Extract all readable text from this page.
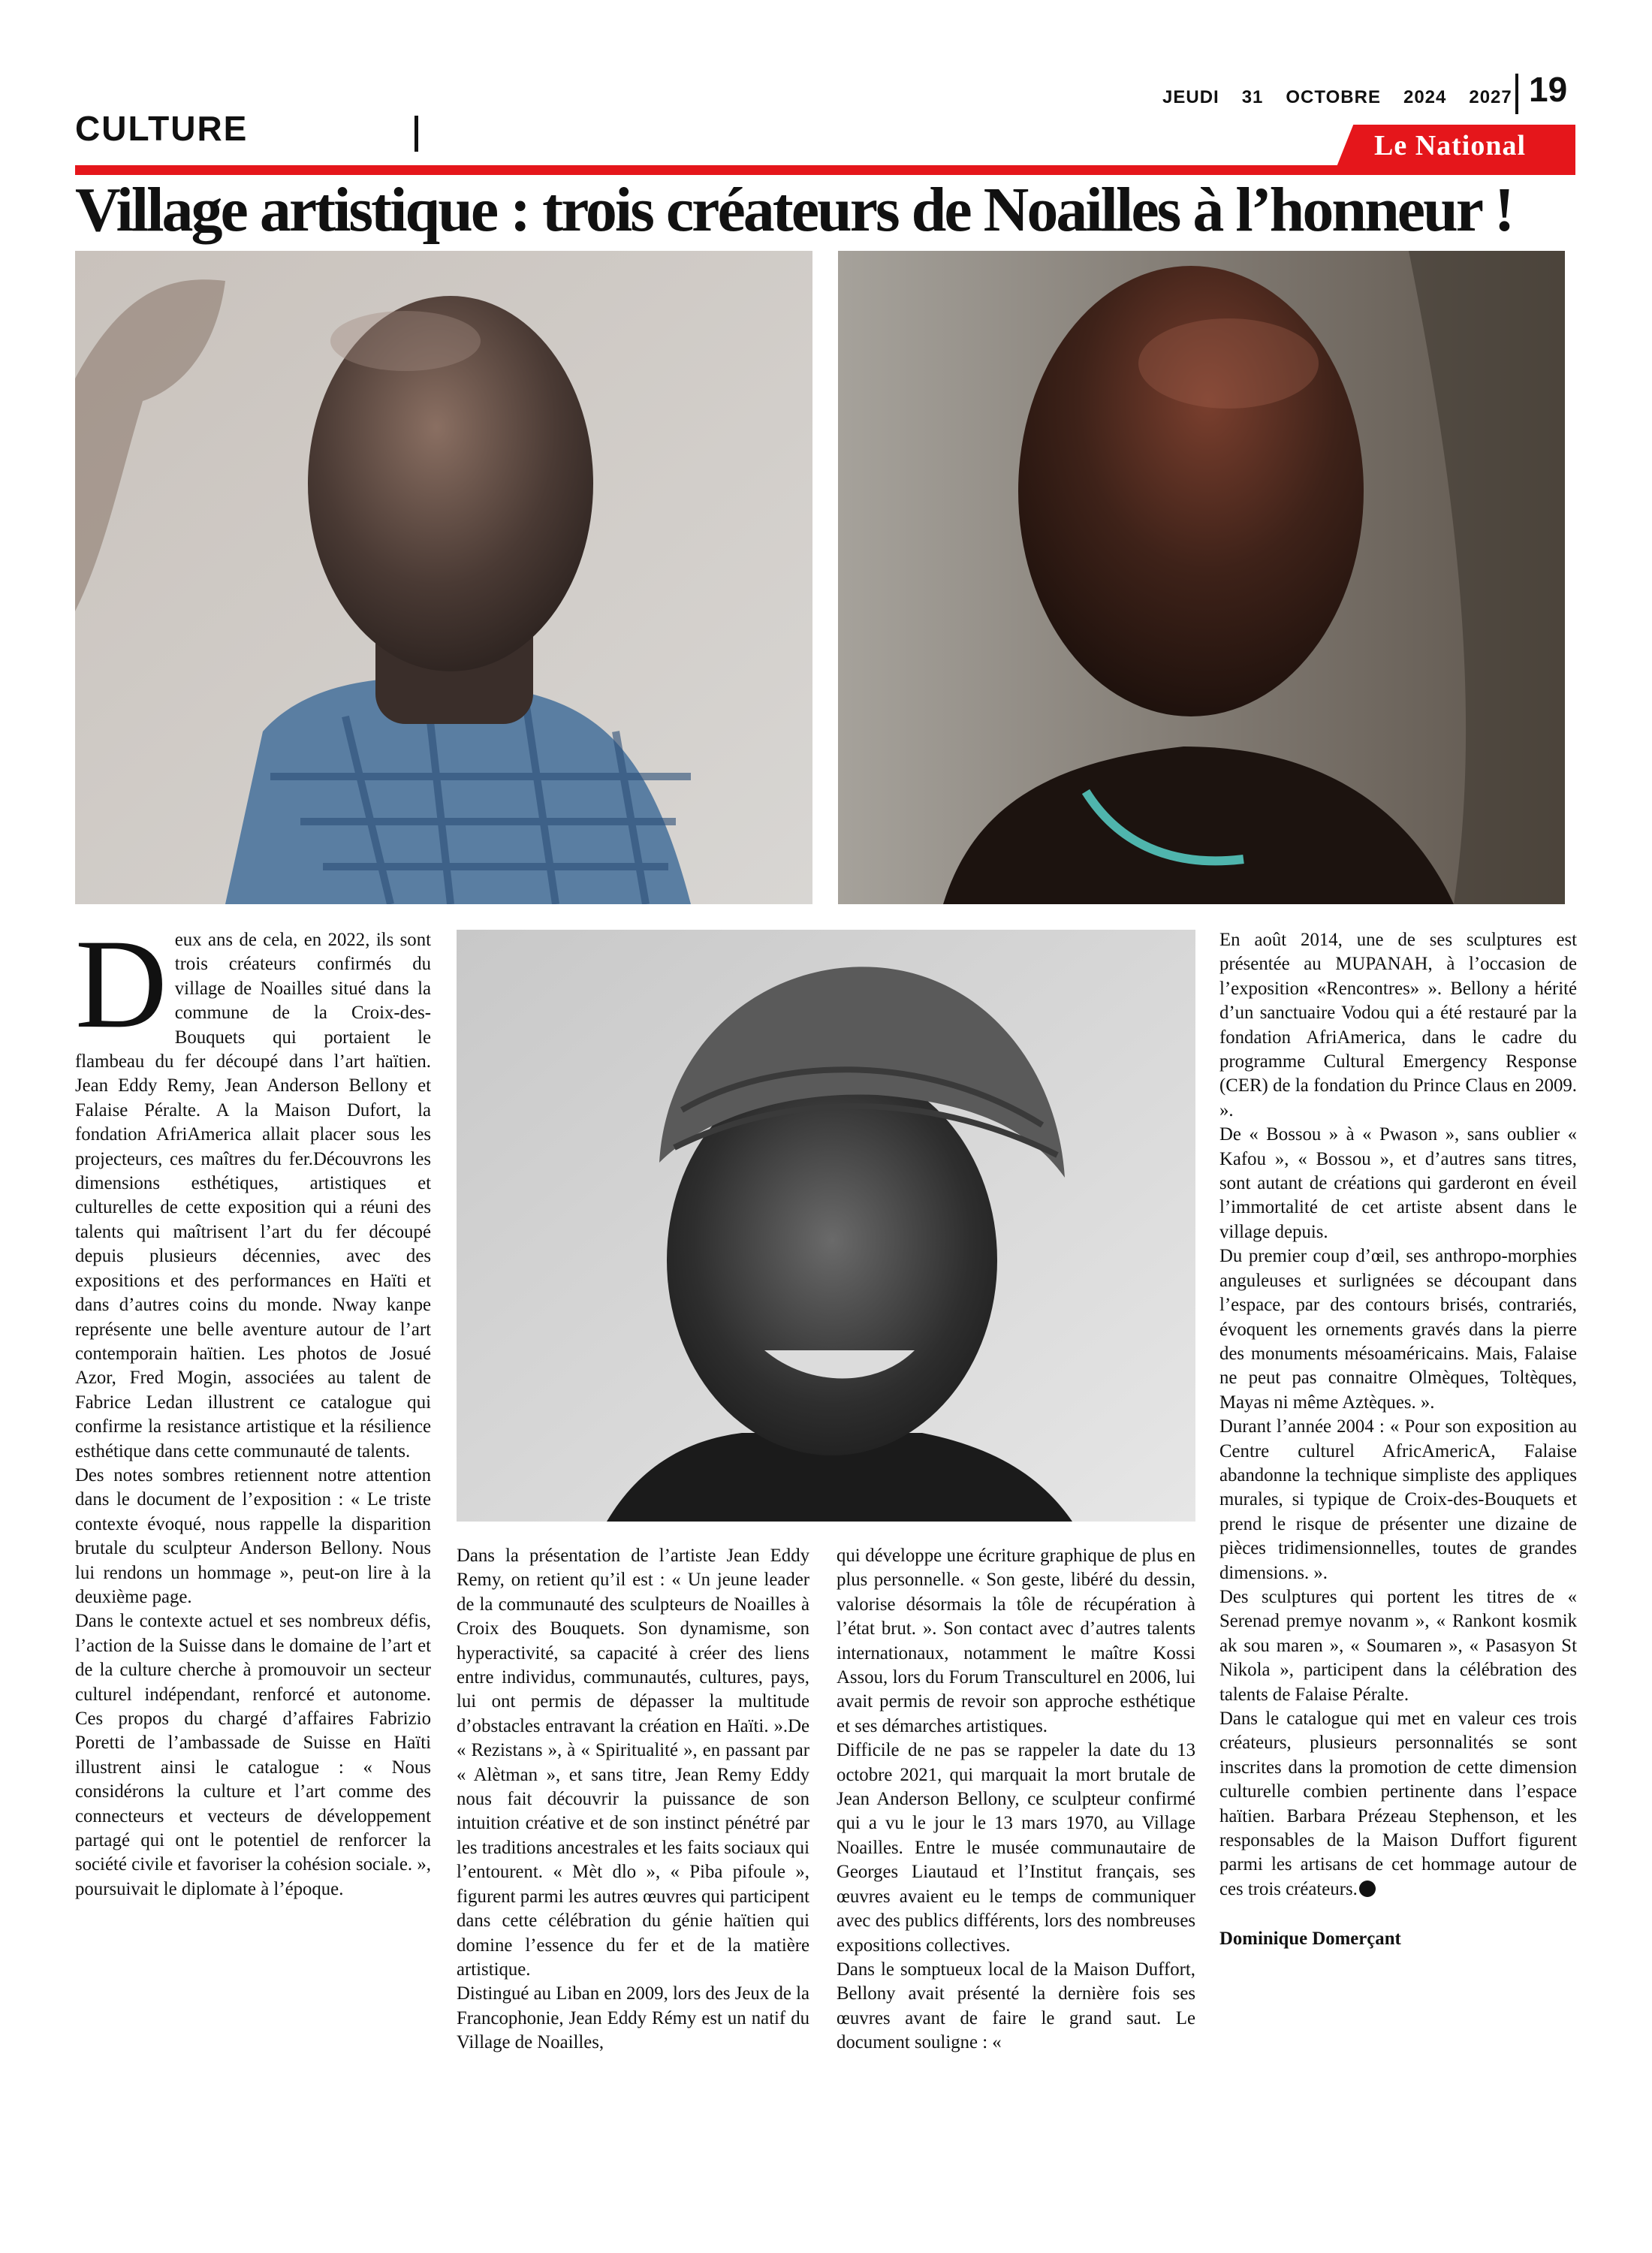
CULTURE
JEUDI 31 OCTOBRE 2024 2027 19
Le National
Village artistique : trois créateurs de Noailles à l’honneur !
D eux ans de cela, en 2022, ils sont trois créateurs confirmés du village de Noailles situé dans la commune de la Croix-des-Bouquets qui portaient le flambeau du fer découpé dans l’art haïtien. Jean Eddy Remy, Jean Anderson Bellony et Falaise Péralte. A la Maison Dufort, la fondation AfriAmerica allait placer sous les projecteurs, ces maîtres du fer.Découvrons les dimensions esthétiques, artistiques et culturelles de cette exposition qui a réuni des talents qui maîtrisent l’art du fer découpé depuis plusieurs décennies, avec des expositions et des performances en Haïti et dans d’autres coins du monde. Nway kanpe représente une belle aventure autour de l’art contemporain haïtien. Les photos de Josué Azor, Fred Mogin, associées au talent de Fabrice Ledan illustrent ce catalogue qui confirme la resistance artistique et la résilience esthétique dans cette communauté de talents.

Des notes sombres retiennent notre attention dans le document de l’exposition : « Le triste contexte évoqué, nous rappelle la disparition brutale du sculpteur Anderson Bellony. Nous lui rendons un hommage », peut-on lire à la deuxième page.

Dans le contexte actuel et ses nombreux défis, l’action de la Suisse dans le domaine de l’art et de la culture cherche à promouvoir un secteur culturel indépendant, renforcé et autonome. Ces propos du chargé d’affaires Fabrizio Poretti de l’ambassade de Suisse en Haïti illustrent ainsi le catalogue : « Nous considérons la culture et l’art comme des connecteurs et vecteurs de développement partagé qui ont le potentiel de renforcer la société civile et favoriser la cohésion sociale. », poursuivait le diplomate à l’époque.

Dans la présentation de l’artiste Jean Eddy Remy, on retient qu’il est : « Un jeune leader de la communauté des sculpteurs de Noailles à Croix des Bouquets. Son dynamisme, son hyperactivité, sa capacité à créer des liens entre individus, communautés, cultures, pays, lui ont permis de dépasser la multitude d’obstacles entravant la création en Haïti. ».De « Rezistans », à « Spiritualité », en passant par « Alètman », et sans titre, Jean Remy Eddy nous fait découvrir la puissance de son intuition créative et de son instinct pénétré par les traditions ancestrales et les faits sociaux qui l’entourent. « Mèt dlo », « Piba pifoule », figurent parmi les autres œuvres qui participent dans cette célébration du génie haïtien qui domine l’essence du fer et de la matière artistique.

Distingué au Liban en 2009, lors des Jeux de la Francophonie, Jean Eddy Rémy est un natif du Village de Noailles,

qui développe une écriture graphique de plus en plus personnelle. « Son geste, libéré du dessin, valorise désormais la tôle de récupération à l’état brut. ». Son contact avec d’autres talents internationaux, notamment le maître Kossi Assou, lors du Forum Transculturel en 2006, lui avait permis de revoir son approche esthétique et ses démarches artistiques.

Difficile de ne pas se rappeler la date du 13 octobre 2021, qui marquait la mort brutale de Jean Anderson Bellony, ce sculpteur confirmé qui a vu le jour le 13 mars 1970, au Village Noailles. Entre le musée communautaire de Georges Liautaud et l’Institut français, ses œuvres avaient eu le temps de communiquer avec des publics différents, lors des nombreuses expositions collectives.

Dans le somptueux local de la Maison Duffort, Bellony avait présenté la dernière fois ses œuvres avant de faire le grand saut. Le document souligne : «

En août 2014, une de ses sculptures est présentée au MUPANAH, à l’occasion de l’exposition «Rencontres» ». Bellony a hérité d’un sanctuaire Vodou qui a été restauré par la fondation AfriAmerica, dans le cadre du programme Cultural Emergency Response (CER) de la fondation du Prince Claus en 2009. ».

De « Bossou » à « Pwason », sans oublier « Kafou », « Bossou », et d’autres sans titres, sont autant de créations qui garderont en éveil l’immortalité de cet artiste absent dans le village depuis.

Du premier coup d’œil, ses anthropo-morphies anguleuses et surlignées se découpant dans l’espace, par des contours brisés, contrariés, évoquent les ornements gravés dans la pierre des monuments mésoaméricains. Mais, Falaise ne peut pas connaitre Olmèques, Toltèques, Mayas ni même Aztèques. ».

Durant l’année 2004 : « Pour son exposition au Centre culturel AfricAmericA, Falaise abandonne la technique simpliste des appliques murales, si typique de Croix-des-Bouquets et prend le risque de présenter une dizaine de pièces tridimensionnelles, toutes de grandes dimensions. ».

Des sculptures qui portent les titres de « Serenad premye novanm », « Rankont kosmik ak sou maren », « Soumaren », « Pasasyon St Nikola », participent dans la célébration des talents de Falaise Péralte.

Dans le catalogue qui met en valeur ces trois créateurs, plusieurs personnalités se sont inscrites dans la promotion de cette dimension culturelle combien pertinente dans l’espace haïtien. Barbara Prézeau Stephenson, et les responsables de la Maison Duffort figurent parmi les artisans de cet hommage autour de ces trois créateurs.

Dominique Domerçant
